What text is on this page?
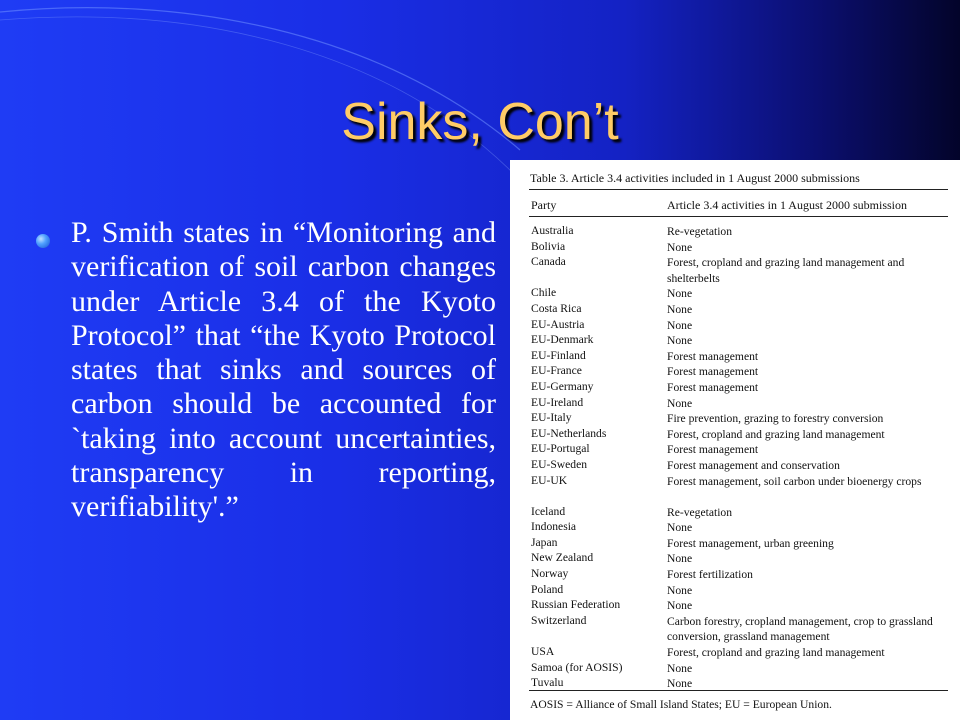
Sinks, Con’t
P. Smith states in “Monitoring and verification of soil carbon changes under Article 3.4 of the Kyoto Protocol” that “the Kyoto Protocol states that sinks and sources of carbon should be accounted for `taking into account uncertainties, transparency in reporting, verifiability'.”
Table 3. Article 3.4 activities included in 1 August 2000 submissions
Party	Article 3.4 activities in 1 August 2000 submission
Australia	Re-vegetation
Bolivia	None
Canada	Forest, cropland and grazing land management and shelterbelts
Chile	None
Costa Rica	None
EU-Austria	None
EU-Denmark	None
EU-Finland	Forest management
EU-France	Forest management
EU-Germany	Forest management
EU-Ireland	None
EU-Italy	Fire prevention, grazing to forestry conversion
EU-Netherlands	Forest, cropland and grazing land management
EU-Portugal	Forest management
EU-Sweden	Forest management and conservation
EU-UK	Forest management, soil carbon under bioenergy crops
Iceland	Re-vegetation
Indonesia	None
Japan	Forest management, urban greening
New Zealand	None
Norway	Forest fertilization
Poland	None
Russian Federation	None
Switzerland	Carbon forestry, cropland management, crop to grassland conversion, grassland management
USA	Forest, cropland and grazing land management
Samoa (for AOSIS)	None
Tuvalu	None
AOSIS = Alliance of Small Island States; EU = European Union.
